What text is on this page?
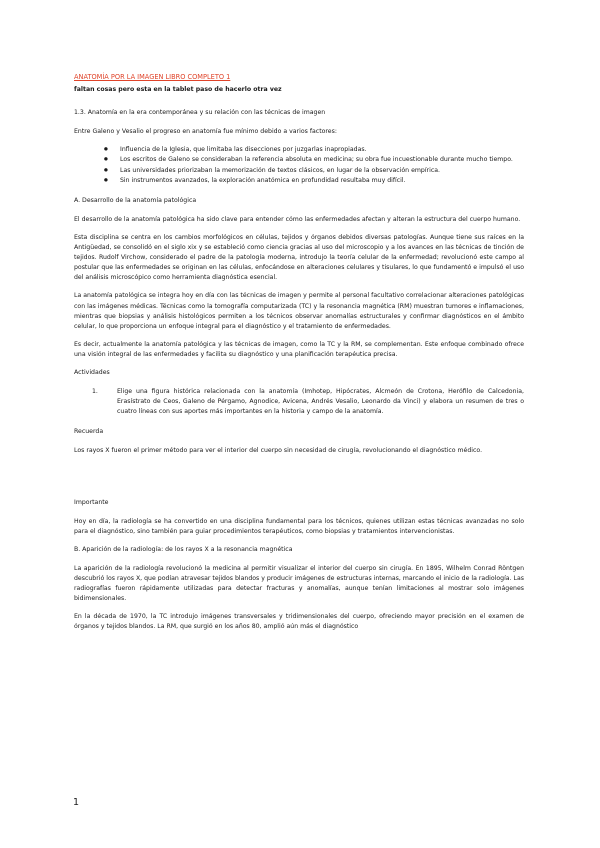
ANATOMÍA POR LA IMAGEN LIBRO COMPLETO 1

faltan cosas pero esta en la tablet paso de hacerlo otra vez

1.3. Anatomía en la era contemporánea y su relación con las técnicas de imagen

Entre Galeno y Vesalio el progreso en anatomía fue mínimo debido a varios factores:

● Influencia de la Iglesia, que limitaba las disecciones por juzgarlas inapropiadas.
● Los escritos de Galeno se consideraban la referencia absoluta en medicina; su obra fue incuestionable durante mucho tiempo.
● Las universidades priorizaban la memorización de textos clásicos, en lugar de la observación empírica.
● Sin instrumentos avanzados, la exploración anatómica en profundidad resultaba muy difícil.

A. Desarrollo de la anatomía patológica

El desarrollo de la anatomía patológica ha sido clave para entender cómo las enfermedades afectan y alteran la estructura del cuerpo humano.

Esta disciplina se centra en los cambios morfológicos en células, tejidos y órganos debidos diversas patologías. Aunque tiene sus raíces en la Antigüedad, se consolidó en el siglo xix y se estableció como ciencia gracias al uso del microscopio y a los avances en las técnicas de tinción de tejidos. Rudolf Virchow, considerado el padre de la patología moderna, introdujo la teoría celular de la enfermedad; revolucionó este campo al postular que las enfermedades se originan en las células, enfocándose en alteraciones celulares y tisulares, lo que fundamentó e impulsó el uso del análisis microscópico como herramienta diagnóstica esencial.

La anatomía patológica se integra hoy en día con las técnicas de imagen y permite al personal facultativo correlacionar alteraciones patológicas con las imágenes médicas. Técnicas como la tomografía computarizada (TC) y la resonancia magnética (RM) muestran tumores e inflamaciones, mientras que biopsias y análisis histológicos permiten a los técnicos observar anomalías estructurales y confirmar diagnósticos en el ámbito celular, lo que proporciona un enfoque integral para el diagnóstico y el tratamiento de enfermedades.

Es decir, actualmente la anatomía patológica y las técnicas de imagen, como la TC y la RM, se complementan. Este enfoque combinado ofrece una visión integral de las enfermedades y facilita su diagnóstico y una planificación terapéutica precisa.

Actividades

1.	Elige una figura histórica relacionada con la anatomía (Imhotep, Hipócrates, Alcmeón de Crotona, Herófilo de Calcedonia, Erasístrato de Ceos, Galeno de Pérgamo, Agnodice, Avicena, Andrés Vesalio, Leonardo da Vinci) y elabora un resumen de tres o cuatro líneas con sus aportes más importantes en la historia y campo de la anatomía.

Recuerda

Los rayos X fueron el primer método para ver el interior del cuerpo sin necesidad de cirugía, revolucionando el diagnóstico médico.

Importante

Hoy en día, la radiología se ha convertido en una disciplina fundamental para los técnicos, quienes utilizan estas técnicas avanzadas no solo para el diagnóstico, sino también para guiar procedimientos terapéuticos, como biopsias y tratamientos intervencionistas.

B. Aparición de la radiología: de los rayos X a la resonancia magnética

La aparición de la radiología revolucionó la medicina al permitir visualizar el interior del cuerpo sin cirugía. En 1895, Wilhelm Conrad Röntgen descubrió los rayos X, que podían atravesar tejidos blandos y producir imágenes de estructuras internas, marcando el inicio de la radiología. Las radiografías fueron rápidamente utilizadas para detectar fracturas y anomalías, aunque tenían limitaciones al mostrar solo imágenes bidimensionales.

En la década de 1970, la TC introdujo imágenes transversales y tridimensionales del cuerpo, ofreciendo mayor precisión en el examen de órganos y tejidos blandos. La RM, que surgió en los años 80, amplió aún más el diagnóstico

1
